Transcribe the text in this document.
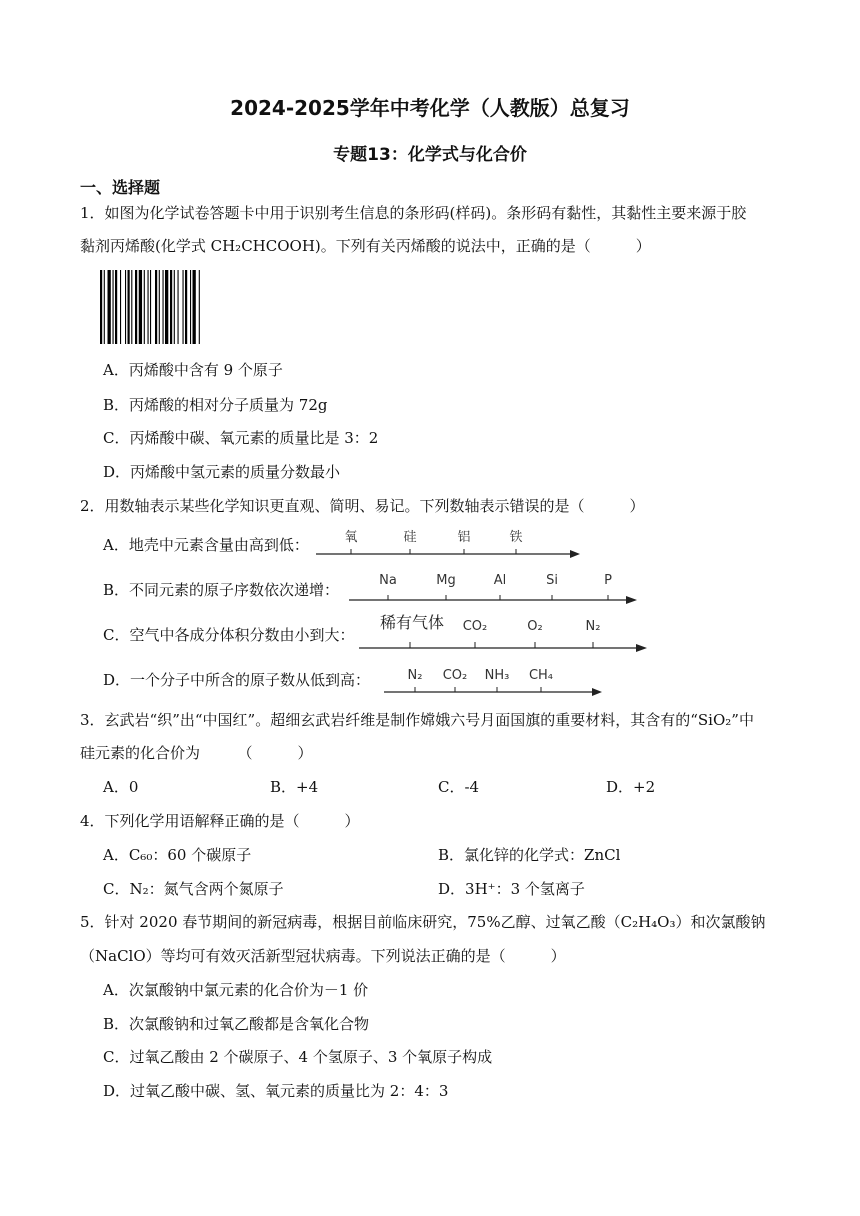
2024-2025学年中考化学（人教版）总复习
专题13：化学式与化合价
一、选择题
1．如图为化学试卷答题卡中用于识别考生信息的条形码(样码)。条形码有黏性，其黏性主要来源于胶
黏剂丙烯酸(化学式 CH₂CHCOOH)。下列有关丙烯酸的说法中，正确的是（　　　）
A．丙烯酸中含有 9 个原子
B．丙烯酸的相对分子质量为 72g
C．丙烯酸中碳、氧元素的质量比是 3：2
D．丙烯酸中氢元素的质量分数最小
2．用数轴表示某些化学知识更直观、简明、易记。下列数轴表示错误的是（　　　）
A．地壳中元素含量由高到低：	氧	硅	铝	铁
B．不同元素的原子序数依次递增：
Na	Mg	Al	Si	P
C．空气中各成分体积分数由小到大：
稀有气体 CO₂	O₂	N₂
D．一个分子中所含的原子数从低到高：	N₂ CO₂ NH₃ CH₄
3．玄武岩“织”出“中国红”。超细玄武岩纤维是制作嫦娥六号月面国旗的重要材料，其含有的“SiO₂”中
硅元素的化合价为　　　（　　　）
A．0	B．+4	C．-4	D．+2
4．下列化学用语解释正确的是（　　　）
A．C₆₀：60 个碳原子	B．氯化锌的化学式：ZnCl
C．N₂：氮气含两个氮原子	D．3H⁺：3 个氢离子
5．针对 2020 春节期间的新冠病毒，根据目前临床研究，75%乙醇、过氧乙酸（C₂H₄O₃）和次氯酸钠
（NaClO）等均可有效灭活新型冠状病毒。下列说法正确的是（　　　）
A．次氯酸钠中氯元素的化合价为－1 价
B．次氯酸钠和过氧乙酸都是含氧化合物
C．过氧乙酸由 2 个碳原子、4 个氢原子、3 个氧原子构成
D．过氧乙酸中碳、氢、氧元素的质量比为 2：4：3
